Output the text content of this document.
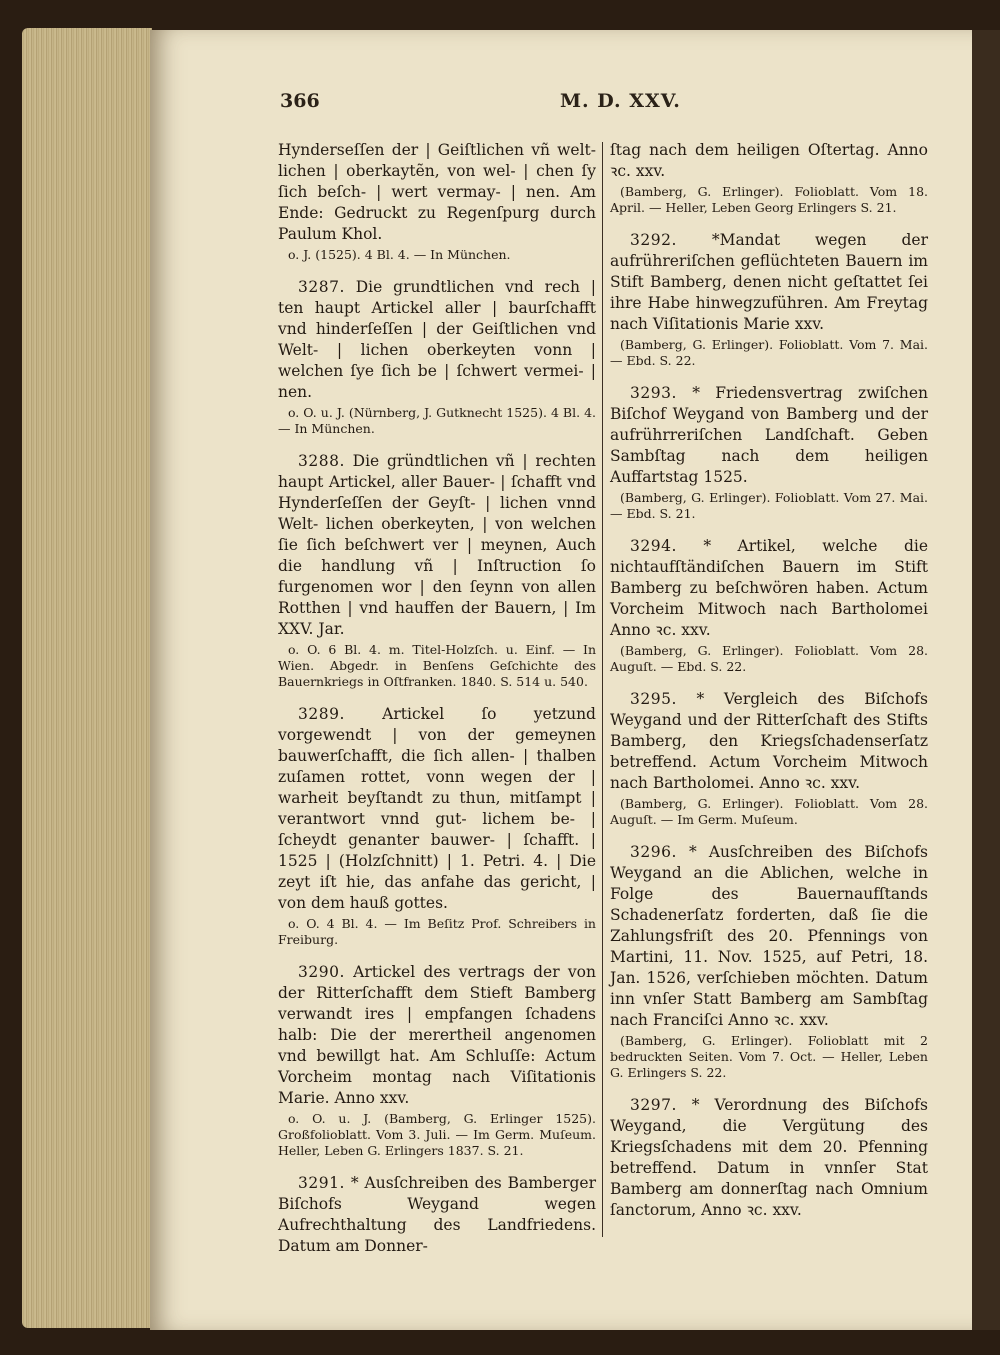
366	M. D. XXV.

Hynderseſſen der | Geiſtlichen vñ welt- lichen | oberkaytẽn, von wel- | chen ſy ſich beſch- | wert vermay- | nen. Am Ende: Gedruckt zu Regenſpurg durch Paulum Khol.

o. J. (1525). 4 Bl. 4. — In München.

3287. Die grundtlichen vnd rech | ten haupt Artickel aller | baurſchafft vnd hinderſeſſen | der Geiſtlichen vnd Welt- | lichen oberkeyten vonn | welchen ſye ſich be | ſchwert vermei- | nen.

o. O. u. J. (Nürnberg, J. Gutknecht 1525). 4 Bl. 4. — In München.

3288. Die gründtlichen vñ | rechten haupt Artickel, aller Bauer- | ſchafft vnd Hynderſeſſen der Geyſt- | lichen vnnd Welt- lichen oberkeyten, | von welchen ſie ſich beſchwert ver | meynen, Auch die handlung vñ | Inſtruction ſo furgenomen wor | den ſeynn von allen Rotthen | vnd hauffen der Bauern, | Im XXV. Jar.

o. O. 6 Bl. 4. m. Titel-Holzſch. u. Einf. — In Wien. Abgedr. in Benſens Geſchichte des Bauernkriegs in Oſtfranken. 1840. S. 514 u. 540.

3289. Artickel ſo yetzund vorgewendt | von der gemeynen bauwerſchafft, die ſich allen- | thalben zuſamen rottet, vonn wegen der | warheit beyſtandt zu thun, mitſampt | verantwort vnnd gut- lichem be- | ſcheydt genanter bauwer- | ſchafft. | 1525 | (Holzſchnitt) | 1. Petri. 4. | Die zeyt iſt hie, das anfahe das gericht, | von dem hauß gottes.

o. O. 4 Bl. 4. — Im Beſitz Prof. Schreibers in Freiburg.

3290. Artickel des vertrags der von der Ritterſchafft dem Stieft Bamberg verwandt ires | empfangen ſchadens halb: Die der merertheil angenomen vnd bewillgt hat. Am Schluſſe: Actum Vorcheim montag nach Viſitationis Marie. Anno xxv.

o. O. u. J. (Bamberg, G. Erlinger 1525). Großfolioblatt. Vom 3. Juli. — Im Germ. Muſeum. Heller, Leben G. Erlingers 1837. S. 21.

3291. * Ausſchreiben des Bamberger Biſchofs Weygand wegen Aufrechthaltung des Landfriedens. Datum am Donner-

ſtag nach dem heiligen Oſtertag. Anno ꝛc. xxv.

(Bamberg, G. Erlinger). Folioblatt. Vom 18. April. — Heller, Leben Georg Erlingers S. 21.

3292. *Mandat wegen der aufrühreriſchen geflüchteten Bauern im Stift Bamberg, denen nicht geſtattet ſei ihre Habe hinwegzuführen. Am Freytag nach Viſitationis Marie xxv.

(Bamberg, G. Erlinger). Folioblatt. Vom 7. Mai. — Ebd. S. 22.

3293. * Friedensvertrag zwiſchen Biſchof Weygand von Bamberg und der aufrührreriſchen Landſchaft. Geben Sambſtag nach dem heiligen Auffartstag 1525.

(Bamberg, G. Erlinger). Folioblatt. Vom 27. Mai. — Ebd. S. 21.

3294. * Artikel, welche die nichtaufſtändiſchen Bauern im Stift Bamberg zu beſchwören haben. Actum Vorcheim Mitwoch nach Bartholomei Anno ꝛc. xxv.

(Bamberg, G. Erlinger). Folioblatt. Vom 28. Auguſt. — Ebd. S. 22.

3295. * Vergleich des Biſchofs Weygand und der Ritterſchaft des Stifts Bamberg, den Kriegsſchadenserſatz betreffend. Actum Vorcheim Mitwoch nach Bartholomei. Anno ꝛc. xxv.

(Bamberg, G. Erlinger). Folioblatt. Vom 28. Auguſt. — Im Germ. Muſeum.

3296. * Ausſchreiben des Biſchofs Weygand an die Ablichen, welche in Folge des Bauernaufſtands Schadenerſatz forderten, daß ſie die Zahlungsfriſt des 20. Pfennings von Martini, 11. Nov. 1525, auf Petri, 18. Jan. 1526, verſchieben möchten. Datum inn vnſer Statt Bamberg am Sambſtag nach Franciſci Anno ꝛc. xxv.

(Bamberg, G. Erlinger). Folioblatt mit 2 bedruckten Seiten. Vom 7. Oct. — Heller, Leben G. Erlingers S. 22.

3297. * Verordnung des Biſchofs Weygand, die Vergütung des Kriegsſchadens mit dem 20. Pfenning betreffend. Datum in vnnſer Stat Bamberg am donnerſtag nach Omnium ſanctorum, Anno ꝛc. xxv.
